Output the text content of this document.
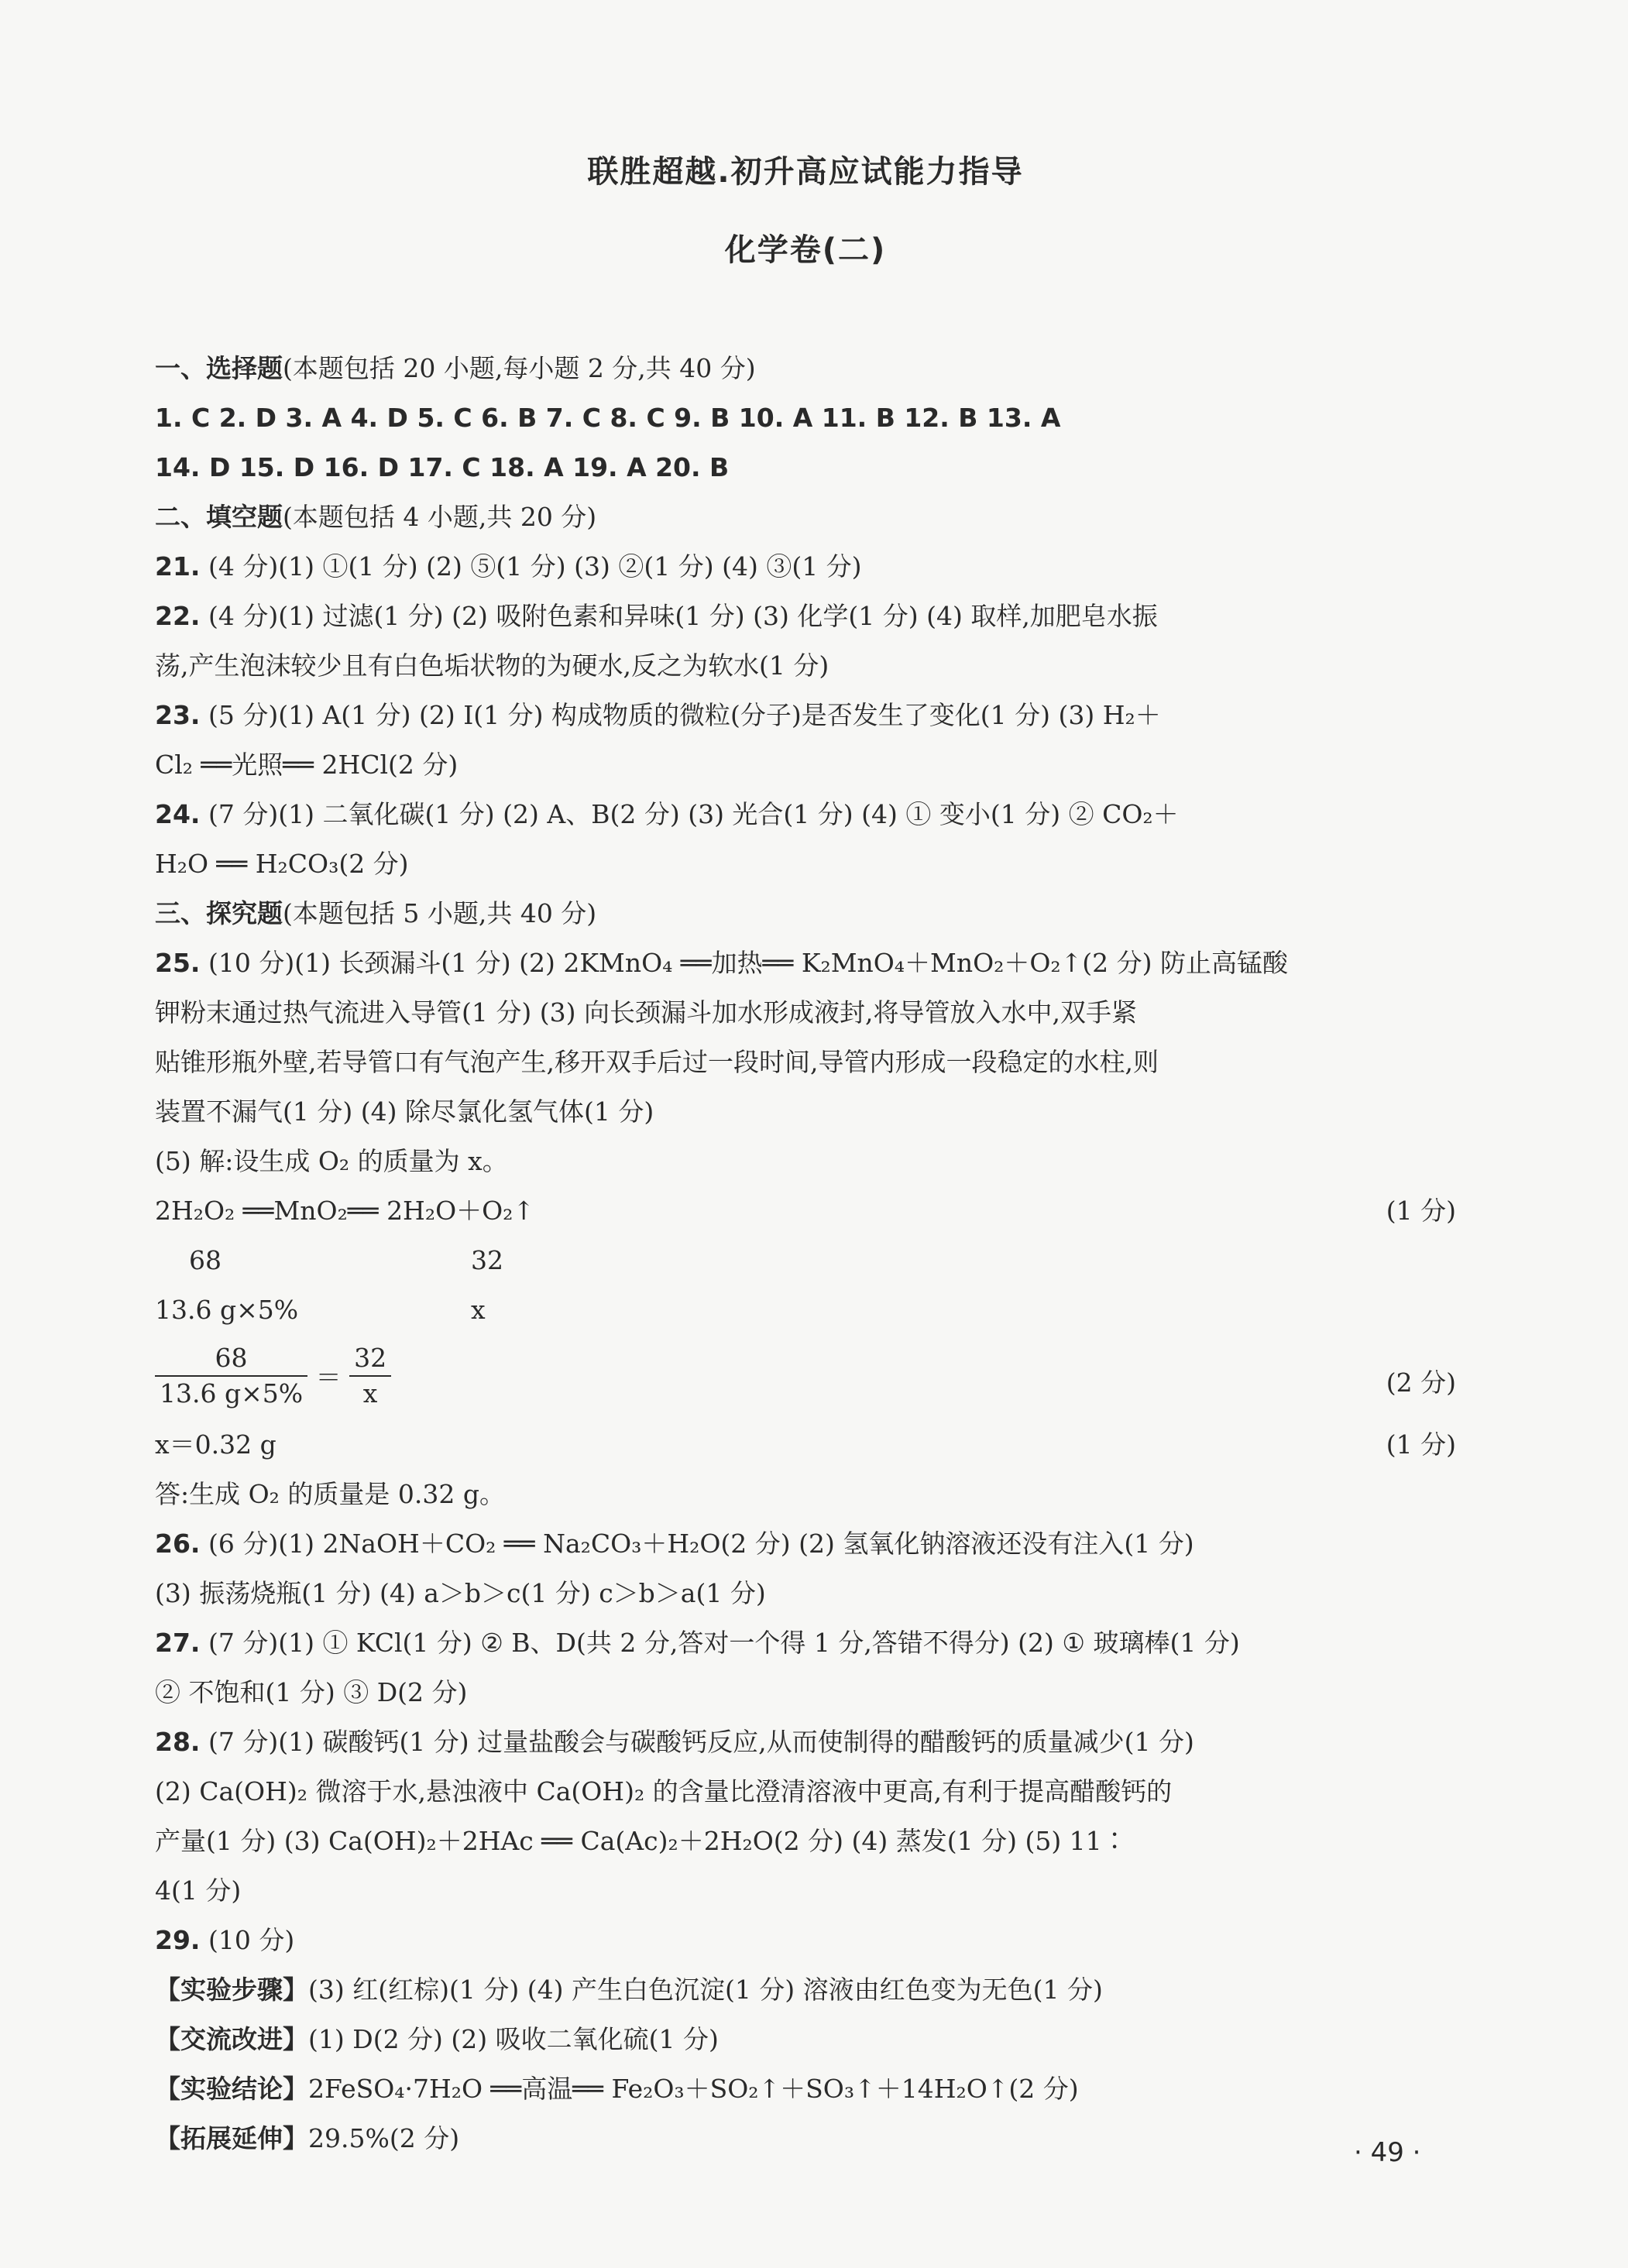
联胜超越.初升高应试能力指导
化学卷(二)
一、选择题(本题包括 20 小题,每小题 2 分,共 40 分)
1. C 2. D 3. A 4. D 5. C 6. B 7. C 8. C 9. B 10. A 11. B 12. B 13. A
14. D 15. D 16. D 17. C 18. A 19. A 20. B
二、填空题(本题包括 4 小题,共 20 分)
21. (4 分)(1) ①(1 分) (2) ⑤(1 分) (3) ②(1 分) (4) ③(1 分)
22. (4 分)(1) 过滤(1 分) (2) 吸附色素和异味(1 分) (3) 化学(1 分) (4) 取样,加肥皂水振
荡,产生泡沫较少且有白色垢状物的为硬水,反之为软水(1 分)
23. (5 分)(1) A(1 分) (2) Ⅰ(1 分) 构成物质的微粒(分子)是否发生了变化(1 分) (3) H₂＋
Cl₂ ══光照══ 2HCl(2 分)
24. (7 分)(1) 二氧化碳(1 分) (2) A、B(2 分) (3) 光合(1 分) (4) ① 变小(1 分) ② CO₂＋
H₂O ══ H₂CO₃(2 分)
三、探究题(本题包括 5 小题,共 40 分)
25. (10 分)(1) 长颈漏斗(1 分) (2) 2KMnO₄ ══加热══ K₂MnO₄＋MnO₂＋O₂↑(2 分) 防止高锰酸
钾粉末通过热气流进入导管(1 分) (3) 向长颈漏斗加水形成液封,将导管放入水中,双手紧
贴锥形瓶外壁,若导管口有气泡产生,移开双手后过一段时间,导管内形成一段稳定的水柱,则
装置不漏气(1 分) (4) 除尽氯化氢气体(1 分)
(5) 解:设生成 O₂ 的质量为 x。
2H₂O₂ ══MnO₂══ 2H₂O＋O₂↑	(1 分)
68	32
13.6 g×5%	x
$\frac{68}{13.6 g\times 5\%} = \frac{32}{x}$	(2 分)
x＝0.32 g	(1 分)
答:生成 O₂ 的质量是 0.32 g。
26. (6 分)(1) 2NaOH＋CO₂ ══ Na₂CO₃＋H₂O(2 分) (2) 氢氧化钠溶液还没有注入(1 分)
(3) 振荡烧瓶(1 分) (4) a＞b＞c(1 分) c＞b＞a(1 分)
27. (7 分)(1) ① KCl(1 分) ② B、D(共 2 分,答对一个得 1 分,答错不得分) (2) ① 玻璃棒(1 分)
② 不饱和(1 分) ③ D(2 分)
28. (7 分)(1) 碳酸钙(1 分) 过量盐酸会与碳酸钙反应,从而使制得的醋酸钙的质量减少(1 分)
(2) Ca(OH)₂ 微溶于水,悬浊液中 Ca(OH)₂ 的含量比澄清溶液中更高,有利于提高醋酸钙的
产量(1 分) (3) Ca(OH)₂＋2HAc ══ Ca(Ac)₂＋2H₂O(2 分) (4) 蒸发(1 分) (5) 11∶
4(1 分)
29. (10 分)
【实验步骤】(3) 红(红棕)(1 分) (4) 产生白色沉淀(1 分) 溶液由红色变为无色(1 分)
【交流改进】(1) D(2 分) (2) 吸收二氧化硫(1 分)
【实验结论】2FeSO₄·7H₂O ══高温══ Fe₂O₃＋SO₂↑＋SO₃↑＋14H₂O↑(2 分)
【拓展延伸】29.5%(2 分)	· 49 ·
